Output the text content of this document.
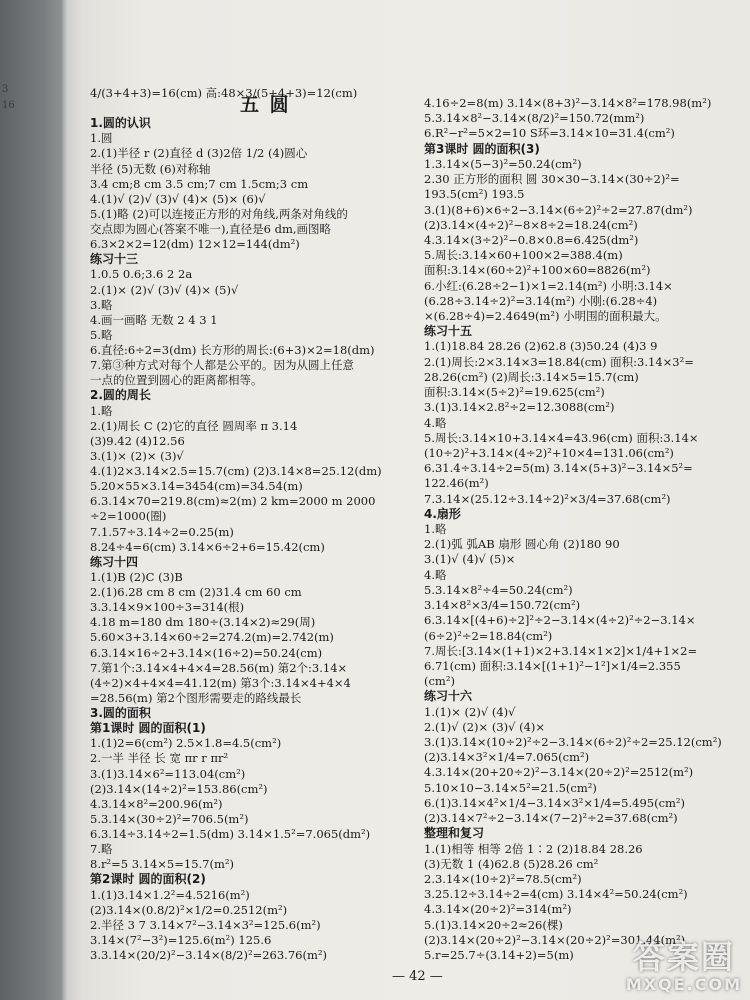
3
16
4/(3+4+3)=16(cm) 高:48×3/(5+4+3)=12(cm)
五 圆
1.圆的认识
1.圆
2.(1)半径 r (2)直径 d (3)2倍 1/2 (4)圆心
半径 (5)无数 (6)对称轴
3.4 cm;8 cm 3.5 cm;7 cm 1.5cm;3 cm
4.(1)√ (2)√ (3)√ (4)× (5)× (6)√
5.(1)略 (2)可以连接正方形的对角线,两条对角线的
交点即为圆心(答案不唯一),直径是6 dm,画图略
6.3×2×2=12(dm) 12×12=144(dm²)
练习十三
1.0.5 0.6;3.6 2 2a
2.(1)× (2)√ (3)√ (4)× (5)√
3.略
4.画一画略 无数 2 4 3 1
5.略
6.直径:6÷2=3(dm) 长方形的周长:(6+3)×2=18(dm)
7.第③种方式对每个人都是公平的。因为从圆上任意
一点的位置到圆心的距离都相等。
2.圆的周长
1.略
2.(1)周长 C (2)它的直径 圆周率 π 3.14
(3)9.42 (4)12.56
3.(1)× (2)× (3)√
4.(1)2×3.14×2.5=15.7(cm) (2)3.14×8=25.12(dm)
5.20×55×3.14=3454(cm)=34.54(m)
6.3.14×70=219.8(cm)≈2(m) 2 km=2000 m 2000
÷2=1000(圈)
7.1.57÷3.14÷2=0.25(m)
8.24÷4=6(cm) 3.14×6÷2+6=15.42(cm)
练习十四
1.(1)B (2)C (3)B
2.(1)6.28 cm 8 cm (2)31.4 cm 60 cm
3.3.14×9×100÷3=314(根)
4.18 m=180 dm 180÷(3.14×2)≈29(周)
5.60×3+3.14×60÷2=274.2(m)=2.742(m)
6.3.14×16÷2+3.14×(16÷2)=50.24(cm)
7.第1个:3.14×4+4×4=28.56(m) 第2个:3.14×
(4÷2)×4+4×4=41.12(m) 第3个:3.14×4+4×4
=28.56(m) 第2个图形需要走的路线最长
3.圆的面积
第1课时 圆的面积(1)
1.(1)2=6(cm²) 2.5×1.8=4.5(cm²)
2.一半 半径 长 宽 πr r πr²
3.(1)3.14×6²=113.04(cm²)
(2)3.14×(14÷2)²=153.86(cm²)
4.3.14×8²=200.96(m²)
5.3.14×(30÷2)²=706.5(m²)
6.3.14÷3.14÷2=1.5(dm) 3.14×1.5²=7.065(dm²)
7.略
8.r²=5 3.14×5=15.7(m²)
第2课时 圆的面积(2)
1.(1)3.14×1.2²=4.5216(m²)
(2)3.14×(0.8/2)²×1/2=0.2512(m²)
2.半径 3 7 3.14×7²−3.14×3²=125.6(m²)
3.14×(7²−3²)=125.6(m²) 125.6
3.3.14×(20/2)²−3.14×(8/2)²=263.76(m²)
4.16÷2=8(m) 3.14×(8+3)²−3.14×8²=178.98(m²)
5.3.14×8²−3.14×(8/2)²=150.72(mm²)
6.R²−r²=5×2=10 S环=3.14×10=31.4(cm²)
第3课时 圆的面积(3)
1.3.14×(5−3)²=50.24(cm²)
2.30 正方形的面积 圆 30×30−3.14×(30÷2)²=
193.5(cm²) 193.5
3.(1)(8+6)×6÷2−3.14×(6÷2)²÷2=27.87(dm²)
(2)3.14×(4÷2)²−8×8÷2=18.24(cm²)
4.3.14×(3÷2)²−0.8×0.8=6.425(dm²)
5.周长:3.14×60+100×2=388.4(m)
面积:3.14×(60÷2)²+100×60=8826(m²)
6.小红:(6.28÷2−1)×1=2.14(m²) 小明:3.14×
(6.28÷3.14÷2)²=3.14(m²) 小刚:(6.28÷4)
×(6.28÷4)=2.4649(m²) 小明围的面积最大。
练习十五
1.(1)18.84 28.26 (2)62.8 (3)50.24 (4)3 9
2.(1)周长:2×3.14×3=18.84(cm) 面积:3.14×3²=
28.26(cm²) (2)周长:3.14×5=15.7(cm)
面积:3.14×(5÷2)²=19.625(cm²)
3.(1)3.14×2.8²÷2=12.3088(cm²)
4.略
5.周长:3.14×10+3.14×4=43.96(cm) 面积:3.14×
(10÷2)²+3.14×(4÷2)²+10×4=131.06(cm²)
6.31.4÷3.14÷2=5(m) 3.14×(5+3)²−3.14×5²=
122.46(m²)
7.3.14×(25.12÷3.14÷2)²×3/4=37.68(cm²)
4.扇形
1.略
2.(1)弧 弧AB 扇形 圆心角 (2)180 90
3.(1)√ (4)√ (5)×
4.略
5.3.14×8²÷4=50.24(cm²)
3.14×8²×3/4=150.72(cm²)
6.3.14×[(4+6)÷2]²÷2−3.14×(4÷2)²÷2−3.14×
(6÷2)²÷2=18.84(cm²)
7.周长:[3.14×(1+1)×2+3.14×1×2]×1/4+1×2=
6.71(cm) 面积:3.14×[(1+1)²−1²]×1/4=2.355
(cm²)
练习十六
1.(1)× (2)√ (4)√
2.(1)√ (2)× (3)√ (4)×
3.(1)3.14×(10÷2)²÷2−3.14×(6÷2)²÷2=25.12(cm²)
(2)3.14×3²×1/4=7.065(cm²)
4.3.14×(20+20÷2)²−3.14×(20÷2)²=2512(m²)
5.10×10−3.14×5²=21.5(cm²)
6.(1)3.14×4²×1/4−3.14×3²×1/4=5.495(cm²)
(2)3.14×7²÷2−3.14×(7−2)²÷2=37.68(cm²)
整理和复习
1.(1)相等 相等 2倍 1∶2 (2)18.84 28.26
(3)无数 1 (4)62.8 (5)28.26 cm²
2.3.14×(10÷2)²=78.5(cm²)
3.25.12÷3.14÷2=4(cm) 3.14×4²=50.24(cm²)
4.3.14×(20÷2)²=314(m²)
5.(1)3.14×20÷2≈26(棵)
(2)3.14×(20÷2)²−3.14×(20÷2)²=301.44(m²)
5.r=25.7÷(3.14+2)=5(m)
— 42 —
答案圈
MXQE.COM
